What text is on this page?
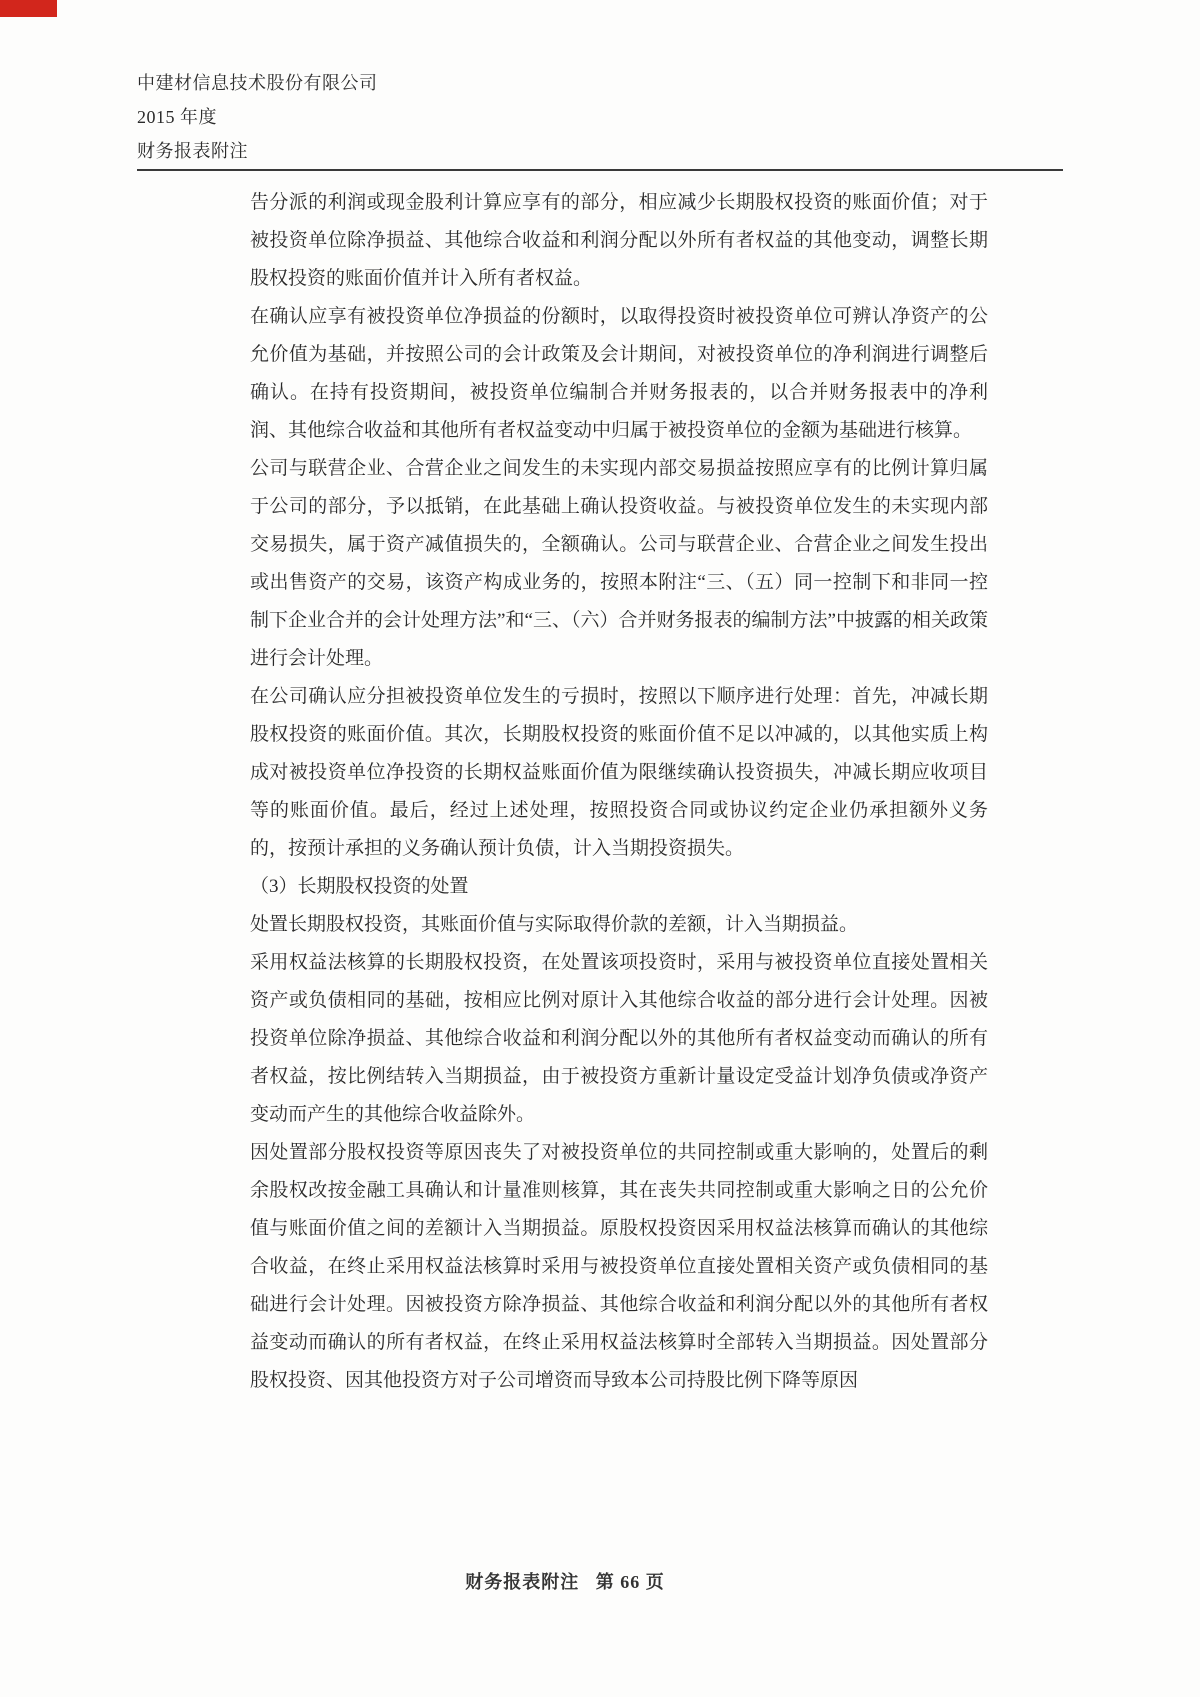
中建材信息技术股份有限公司
2015 年度
财务报表附注

告分派的利润或现金股利计算应享有的部分，相应减少长期股权投资的账面价值；对于被投资单位除净损益、其他综合收益和利润分配以外所有者权益的其他变动，调整长期股权投资的账面价值并计入所有者权益。

在确认应享有被投资单位净损益的份额时，以取得投资时被投资单位可辨认净资产的公允价值为基础，并按照公司的会计政策及会计期间，对被投资单位的净利润进行调整后确认。在持有投资期间，被投资单位编制合并财务报表的，以合并财务报表中的净利润、其他综合收益和其他所有者权益变动中归属于被投资单位的金额为基础进行核算。

公司与联营企业、合营企业之间发生的未实现内部交易损益按照应享有的比例计算归属于公司的部分，予以抵销，在此基础上确认投资收益。与被投资单位发生的未实现内部交易损失，属于资产减值损失的，全额确认。公司与联营企业、合营企业之间发生投出或出售资产的交易，该资产构成业务的，按照本附注“三、（五）同一控制下和非同一控制下企业合并的会计处理方法”和“三、（六）合并财务报表的编制方法”中披露的相关政策进行会计处理。

在公司确认应分担被投资单位发生的亏损时，按照以下顺序进行处理：首先，冲减长期股权投资的账面价值。其次，长期股权投资的账面价值不足以冲减的，以其他实质上构成对被投资单位净投资的长期权益账面价值为限继续确认投资损失，冲减长期应收项目等的账面价值。最后，经过上述处理，按照投资合同或协议约定企业仍承担额外义务的，按预计承担的义务确认预计负债，计入当期投资损失。

（3）长期股权投资的处置

处置长期股权投资，其账面价值与实际取得价款的差额，计入当期损益。

采用权益法核算的长期股权投资，在处置该项投资时，采用与被投资单位直接处置相关资产或负债相同的基础，按相应比例对原计入其他综合收益的部分进行会计处理。因被投资单位除净损益、其他综合收益和利润分配以外的其他所有者权益变动而确认的所有者权益，按比例结转入当期损益，由于被投资方重新计量设定受益计划净负债或净资产变动而产生的其他综合收益除外。

因处置部分股权投资等原因丧失了对被投资单位的共同控制或重大影响的，处置后的剩余股权改按金融工具确认和计量准则核算，其在丧失共同控制或重大影响之日的公允价值与账面价值之间的差额计入当期损益。原股权投资因采用权益法核算而确认的其他综合收益，在终止采用权益法核算时采用与被投资单位直接处置相关资产或负债相同的基础进行会计处理。因被投资方除净损益、其他综合收益和利润分配以外的其他所有者权益变动而确认的所有者权益，在终止采用权益法核算时全部转入当期损益。因处置部分股权投资、因其他投资方对子公司增资而导致本公司持股比例下降等原因

财务报表附注 第 66 页
